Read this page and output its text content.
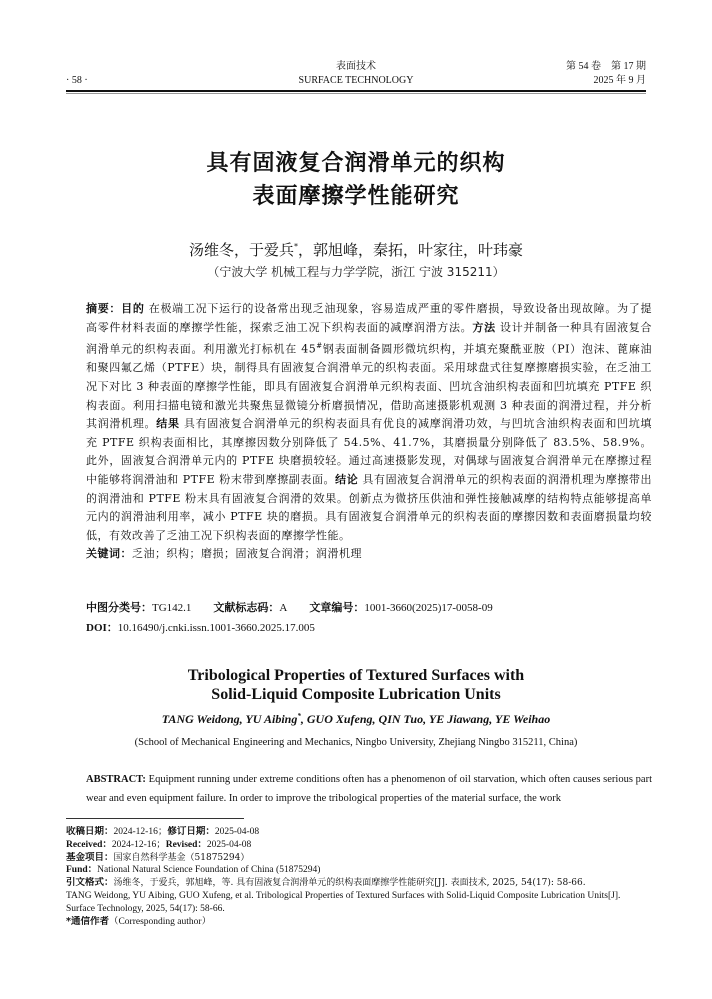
· 58 ·
表面技术
SURFACE TECHNOLOGY
第 54 卷　第 17 期
2025 年 9 月
具有固液复合润滑单元的织构
表面摩擦学性能研究
汤维冬，于爱兵*，郭旭峰，秦拓，叶家往，叶玮豪
（宁波大学 机械工程与力学学院，浙江 宁波 315211）
摘要：目的 在极端工况下运行的设备常出现乏油现象，容易造成严重的零件磨损，导致设备出现故障。为了提高零件材料表面的摩擦学性能，探索乏油工况下织构表面的减摩润滑方法。方法 设计并制备一种具有固液复合润滑单元的织构表面。利用激光打标机在 45#钢表面制备圆形微坑织构，并填充聚酰亚胺（PI）泡沫、蓖麻油和聚四氟乙烯（PTFE）块，制得具有固液复合润滑单元的织构表面。采用球盘式往复摩擦磨损实验，在乏油工况下对比 3 种表面的摩擦学性能，即具有固液复合润滑单元织构表面、凹坑含油织构表面和凹坑填充 PTFE 织构表面。利用扫描电镜和激光共聚焦显微镜分析磨损情况，借助高速摄影机观测 3 种表面的润滑过程，并分析其润滑机理。结果 具有固液复合润滑单元的织构表面具有优良的减摩润滑功效，与凹坑含油织构表面和凹坑填充 PTFE 织构表面相比，其摩擦因数分别降低了 54.5%、41.7%，其磨损量分别降低了 83.5%、58.9%。此外，固液复合润滑单元内的 PTFE 块磨损较轻。通过高速摄影发现，对偶球与固液复合润滑单元在摩擦过程中能够将润滑油和 PTFE 粉末带到摩擦副表面。结论 具有固液复合润滑单元的织构表面的润滑机理为摩擦带出的润滑油和 PTFE 粉末具有固液复合润滑的效果。创新点为微挤压供油和弹性接触减摩的结构特点能够提高单元内的润滑油利用率，减小 PTFE 块的磨损。具有固液复合润滑单元的织构表面的摩擦因数和表面磨损量均较低，有效改善了乏油工况下织构表面的摩擦学性能。
关键词：乏油；织构；磨损；固液复合润滑；润滑机理
中图分类号：TG142.1 文献标志码：A 文章编号：1001-3660(2025)17-0058-09
DOI：10.16490/j.cnki.issn.1001-3660.2025.17.005
Tribological Properties of Textured Surfaces with
Solid-Liquid Composite Lubrication Units
TANG Weidong, YU Aibing*, GUO Xufeng, QIN Tuo, YE Jiawang, YE Weihao
(School of Mechanical Engineering and Mechanics, Ningbo University, Zhejiang Ningbo 315211, China)
ABSTRACT: Equipment running under extreme conditions often has a phenomenon of oil starvation, which often causes serious part wear and even equipment failure. In order to improve the tribological properties of the material surface, the work
收稿日期：2024-12-16；修订日期：2025-04-08
Received：2024-12-16；Revised：2025-04-08
基金项目：国家自然科学基金（51875294）
Fund：National Natural Science Foundation of China (51875294)
引文格式：汤维冬，于爱兵，郭旭峰，等. 具有固液复合润滑单元的织构表面摩擦学性能研究[J]. 表面技术, 2025, 54(17): 58-66.
TANG Weidong, YU Aibing, GUO Xufeng, et al. Tribological Properties of Textured Surfaces with Solid-Liquid Composite Lubrication Units[J].
Surface Technology, 2025, 54(17): 58-66.
*通信作者（Corresponding author）
